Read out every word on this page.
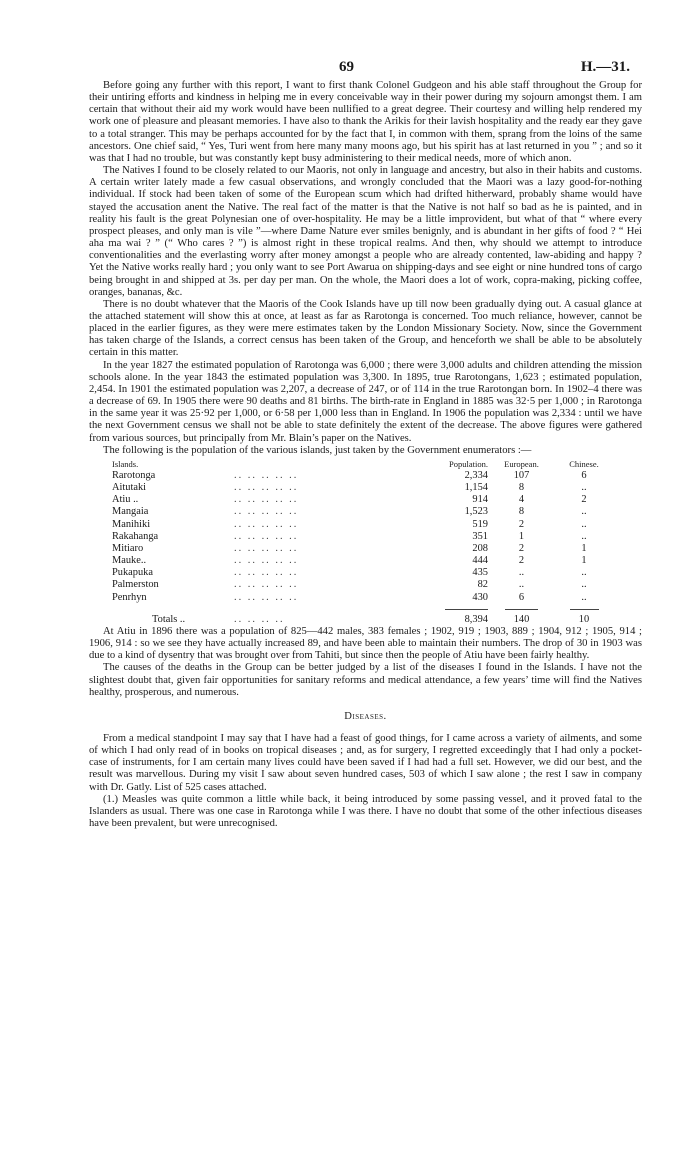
69	H.—31.

Before going any further with this report, I want to first thank Colonel Gudgeon and his able staff throughout the Group for their untiring efforts and kindness in helping me in every conceivable way in their power during my sojourn amongst them. I am certain that without their aid my work would have been nullified to a great degree. Their courtesy and willing help rendered my work one of pleasure and pleasant memories. I have also to thank the Arikis for their lavish hospitality and the ready ear they gave to a total stranger. This may be perhaps accounted for by the fact that I, in common with them, sprang from the loins of the same ancestors. One chief said, “ Yes, Turi went from here many many moons ago, but his spirit has at last returned in you ” ; and so it was that I had no trouble, but was constantly kept busy administering to their medical needs, more of which anon.

The Natives I found to be closely related to our Maoris, not only in language and ancestry, but also in their habits and customs. A certain writer lately made a few casual observations, and wrongly concluded that the Maori was a lazy good-for-nothing individual. If stock had been taken of some of the European scum which had drifted hitherward, probably shame would have stayed the accusation anent the Native. The real fact of the matter is that the Native is not half so bad as he is painted, and in reality his fault is the great Polynesian one of over-hospitality. He may be a little improvident, but what of that “ where every prospect pleases, and only man is vile ”—where Dame Nature ever smiles benignly, and is abundant in her gifts of food ? “ Hei aha ma wai ? ” (“ Who cares ? ”) is almost right in these tropical realms. And then, why should we attempt to introduce conventionalities and the everlasting worry after money amongst a people who are already contented, law-abiding and happy ? Yet the Native works really hard ; you only want to see Port Awarua on shipping-days and see eight or nine hundred tons of cargo being brought in and shipped at 3s. per day per man. On the whole, the Maori does a lot of work, copra-making, picking coffee, oranges, bananas, &c.

There is no doubt whatever that the Maoris of the Cook Islands have up till now been gradually dying out. A casual glance at the attached statement will show this at once, at least as far as Rarotonga is concerned. Too much reliance, however, cannot be placed in the earlier figures, as they were mere estimates taken by the London Missionary Society. Now, since the Government has taken charge of the Islands, a correct census has been taken of the Group, and henceforth we shall be able to be absolutely certain in this matter.

In the year 1827 the estimated population of Rarotonga was 6,000 ; there were 3,000 adults and children attending the mission schools alone. In the year 1843 the estimated population was 3,300. In 1895, true Rarotongans, 1,623 ; estimated population, 2,454. In 1901 the estimated population was 2,207, a decrease of 247, or of 114 in the true Rarotongan born. In 1902–4 there was a decrease of 69. In 1905 there were 90 deaths and 81 births. The birth-rate in England in 1885 was 32·5 per 1,000 ; in Rarotonga in the same year it was 25·92 per 1,000, or 6·58 per 1,000 less than in England. In 1906 the population was 2,334 : until we have the next Government census we shall not be able to state definitely the extent of the decrease. The above figures were gathered from various sources, but principally from Mr. Blain’s paper on the Natives.

The following is the population of the various islands, just taken by the Government enumerators :—

Islands.		Population.	European.	Chinese.
Rarotonga	.. .. .. .. ..	2,334	107	6
Aitutaki	.. .. .. .. ..	1,154	8	..
Atiu ..	.. .. .. .. ..	914	4	2
Mangaia	.. .. .. .. ..	1,523	8	..
Manihiki	.. .. .. .. ..	519	2	..
Rakahanga	.. .. .. .. ..	351	1	..
Mitiaro	.. .. .. .. ..	208	2	1
Mauke..	.. .. .. .. ..	444	2	1
Pukapuka	.. .. .. .. ..	435	..	..
Palmerston	.. .. .. .. ..	82	..	..
Penrhyn	.. .. .. .. ..	430	6	..

Totals ..	.. .. .. ..	8,394	140	10

At Atiu in 1896 there was a population of 825—442 males, 383 females ; 1902, 919 ; 1903, 889 ; 1904, 912 ; 1905, 914 ; 1906, 914 : so we see they have actually increased 89, and have been able to maintain their numbers. The drop of 30 in 1903 was due to a kind of dysentry that was brought over from Tahiti, but since then the people of Atiu have been fairly healthy.

The causes of the deaths in the Group can be better judged by a list of the diseases I found in the Islands. I have not the slightest doubt that, given fair opportunities for sanitary reforms and medical attendance, a few years’ time will find the Natives healthy, prosperous, and numerous.

Diseases.

From a medical standpoint I may say that I have had a feast of good things, for I came across a variety of ailments, and some of which I had only read of in books on tropical diseases ; and, as for surgery, I regretted exceedingly that I had only a pocket-case of instruments, for I am certain many lives could have been saved if I had had a full set. However, we did our best, and the result was marvellous. During my visit I saw about seven hundred cases, 503 of which I saw alone ; the rest I saw in company with Dr. Gatly. List of 525 cases attached.

(1.) Measles was quite common a little while back, it being introduced by some passing vessel, and it proved fatal to the Islanders as usual. There was one case in Rarotonga while I was there. I have no doubt that some of the other infectious diseases have been prevalent, but were unrecognised.
